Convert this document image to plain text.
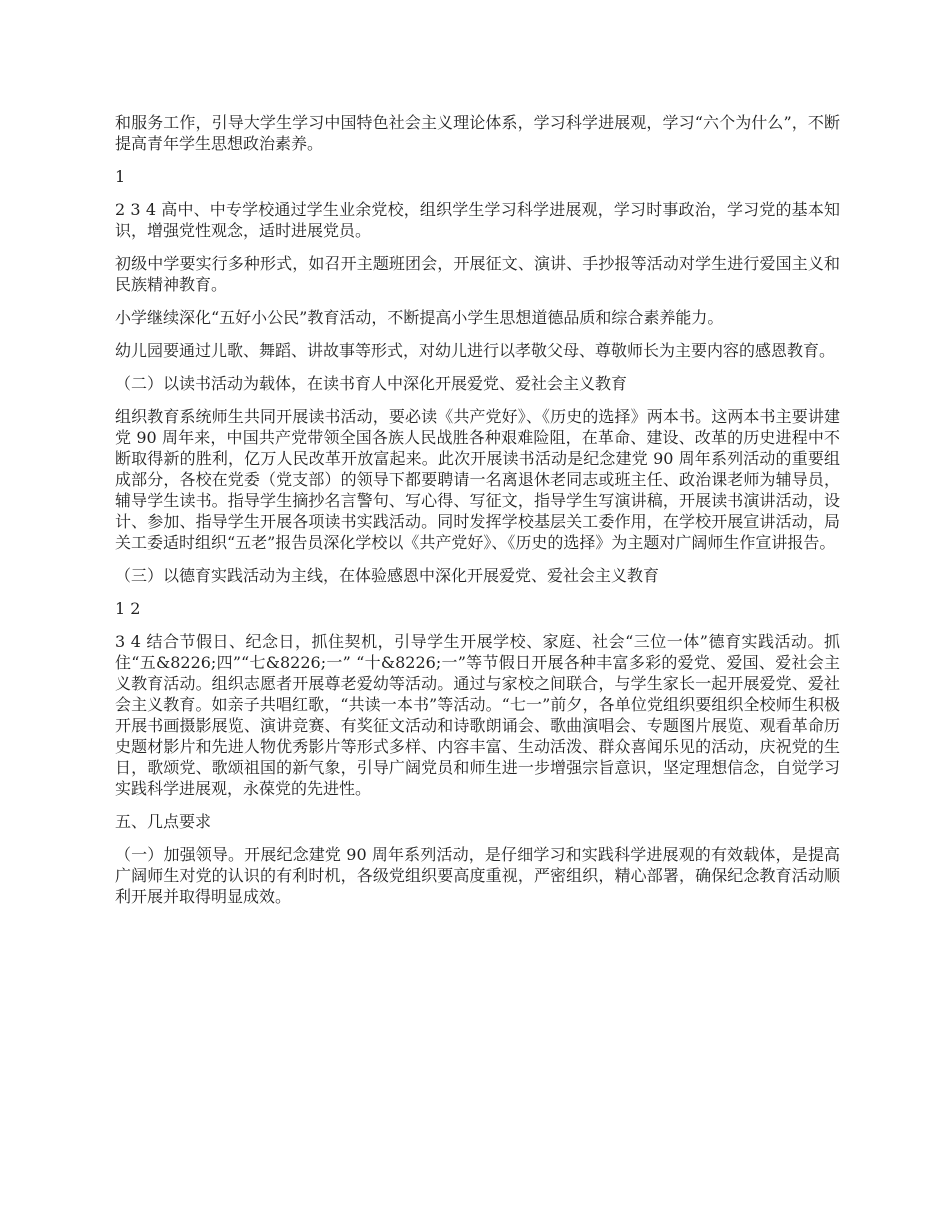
和服务工作，引导大学生学习中国特色社会主义理论体系，学习科学进展观，学习“六个为什么”，不断提高青年学生思想政治素养。

1

2 3 4 高中、中专学校通过学生业余党校，组织学生学习科学进展观，学习时事政治，学习党的基本知识，增强党性观念，适时进展党员。

初级中学要实行多种形式，如召开主题班团会，开展征文、演讲、手抄报等活动对学生进行爱国主义和民族精神教育。

小学继续深化“五好小公民”教育活动，不断提高小学生思想道德品质和综合素养能力。

幼儿园要通过儿歌、舞蹈、讲故事等形式，对幼儿进行以孝敬父母、尊敬师长为主要内容的感恩教育。

（二）以读书活动为载体，在读书育人中深化开展爱党、爱社会主义教育

组织教育系统师生共同开展读书活动，要必读《共产党好》、《历史的选择》两本书。这两本书主要讲建党 90 周年来，中国共产党带领全国各族人民战胜各种艰难险阻，在革命、建设、改革的历史进程中不断取得新的胜利，亿万人民改革开放富起来。此次开展读书活动是纪念建党 90 周年系列活动的重要组成部分，各校在党委（党支部）的领导下都要聘请一名离退休老同志或班主任、政治课老师为辅导员，辅导学生读书。指导学生摘抄名言警句、写心得、写征文，指导学生写演讲稿，开展读书演讲活动，设计、参加、指导学生开展各项读书实践活动。同时发挥学校基层关工委作用，在学校开展宣讲活动，局关工委适时组织“五老”报告员深化学校以《共产党好》、《历史的选择》为主题对广阔师生作宣讲报告。

（三）以德育实践活动为主线，在体验感恩中深化开展爱党、爱社会主义教育

1 2

3 4 结合节假日、纪念日，抓住契机，引导学生开展学校、家庭、社会“三位一体”德育实践活动。抓住“五&8226;四”“七&8226;一” “十&8226;一”等节假日开展各种丰富多彩的爱党、爱国、爱社会主义教育活动。组织志愿者开展尊老爱幼等活动。通过与家校之间联合，与学生家长一起开展爱党、爱社会主义教育。如亲子共唱红歌，“共读一本书”等活动。“七一”前夕，各单位党组织要组织全校师生积极开展书画摄影展览、演讲竞赛、有奖征文活动和诗歌朗诵会、歌曲演唱会、专题图片展览、观看革命历史题材影片和先进人物优秀影片等形式多样、内容丰富、生动活泼、群众喜闻乐见的活动，庆祝党的生日，歌颂党、歌颂祖国的新气象，引导广阔党员和师生进一步增强宗旨意识，坚定理想信念，自觉学习实践科学进展观，永葆党的先进性。

五、几点要求

（一）加强领导。开展纪念建党 90 周年系列活动，是仔细学习和实践科学进展观的有效载体，是提高广阔师生对党的认识的有利时机，各级党组织要高度重视，严密组织，精心部署，确保纪念教育活动顺利开展并取得明显成效。
